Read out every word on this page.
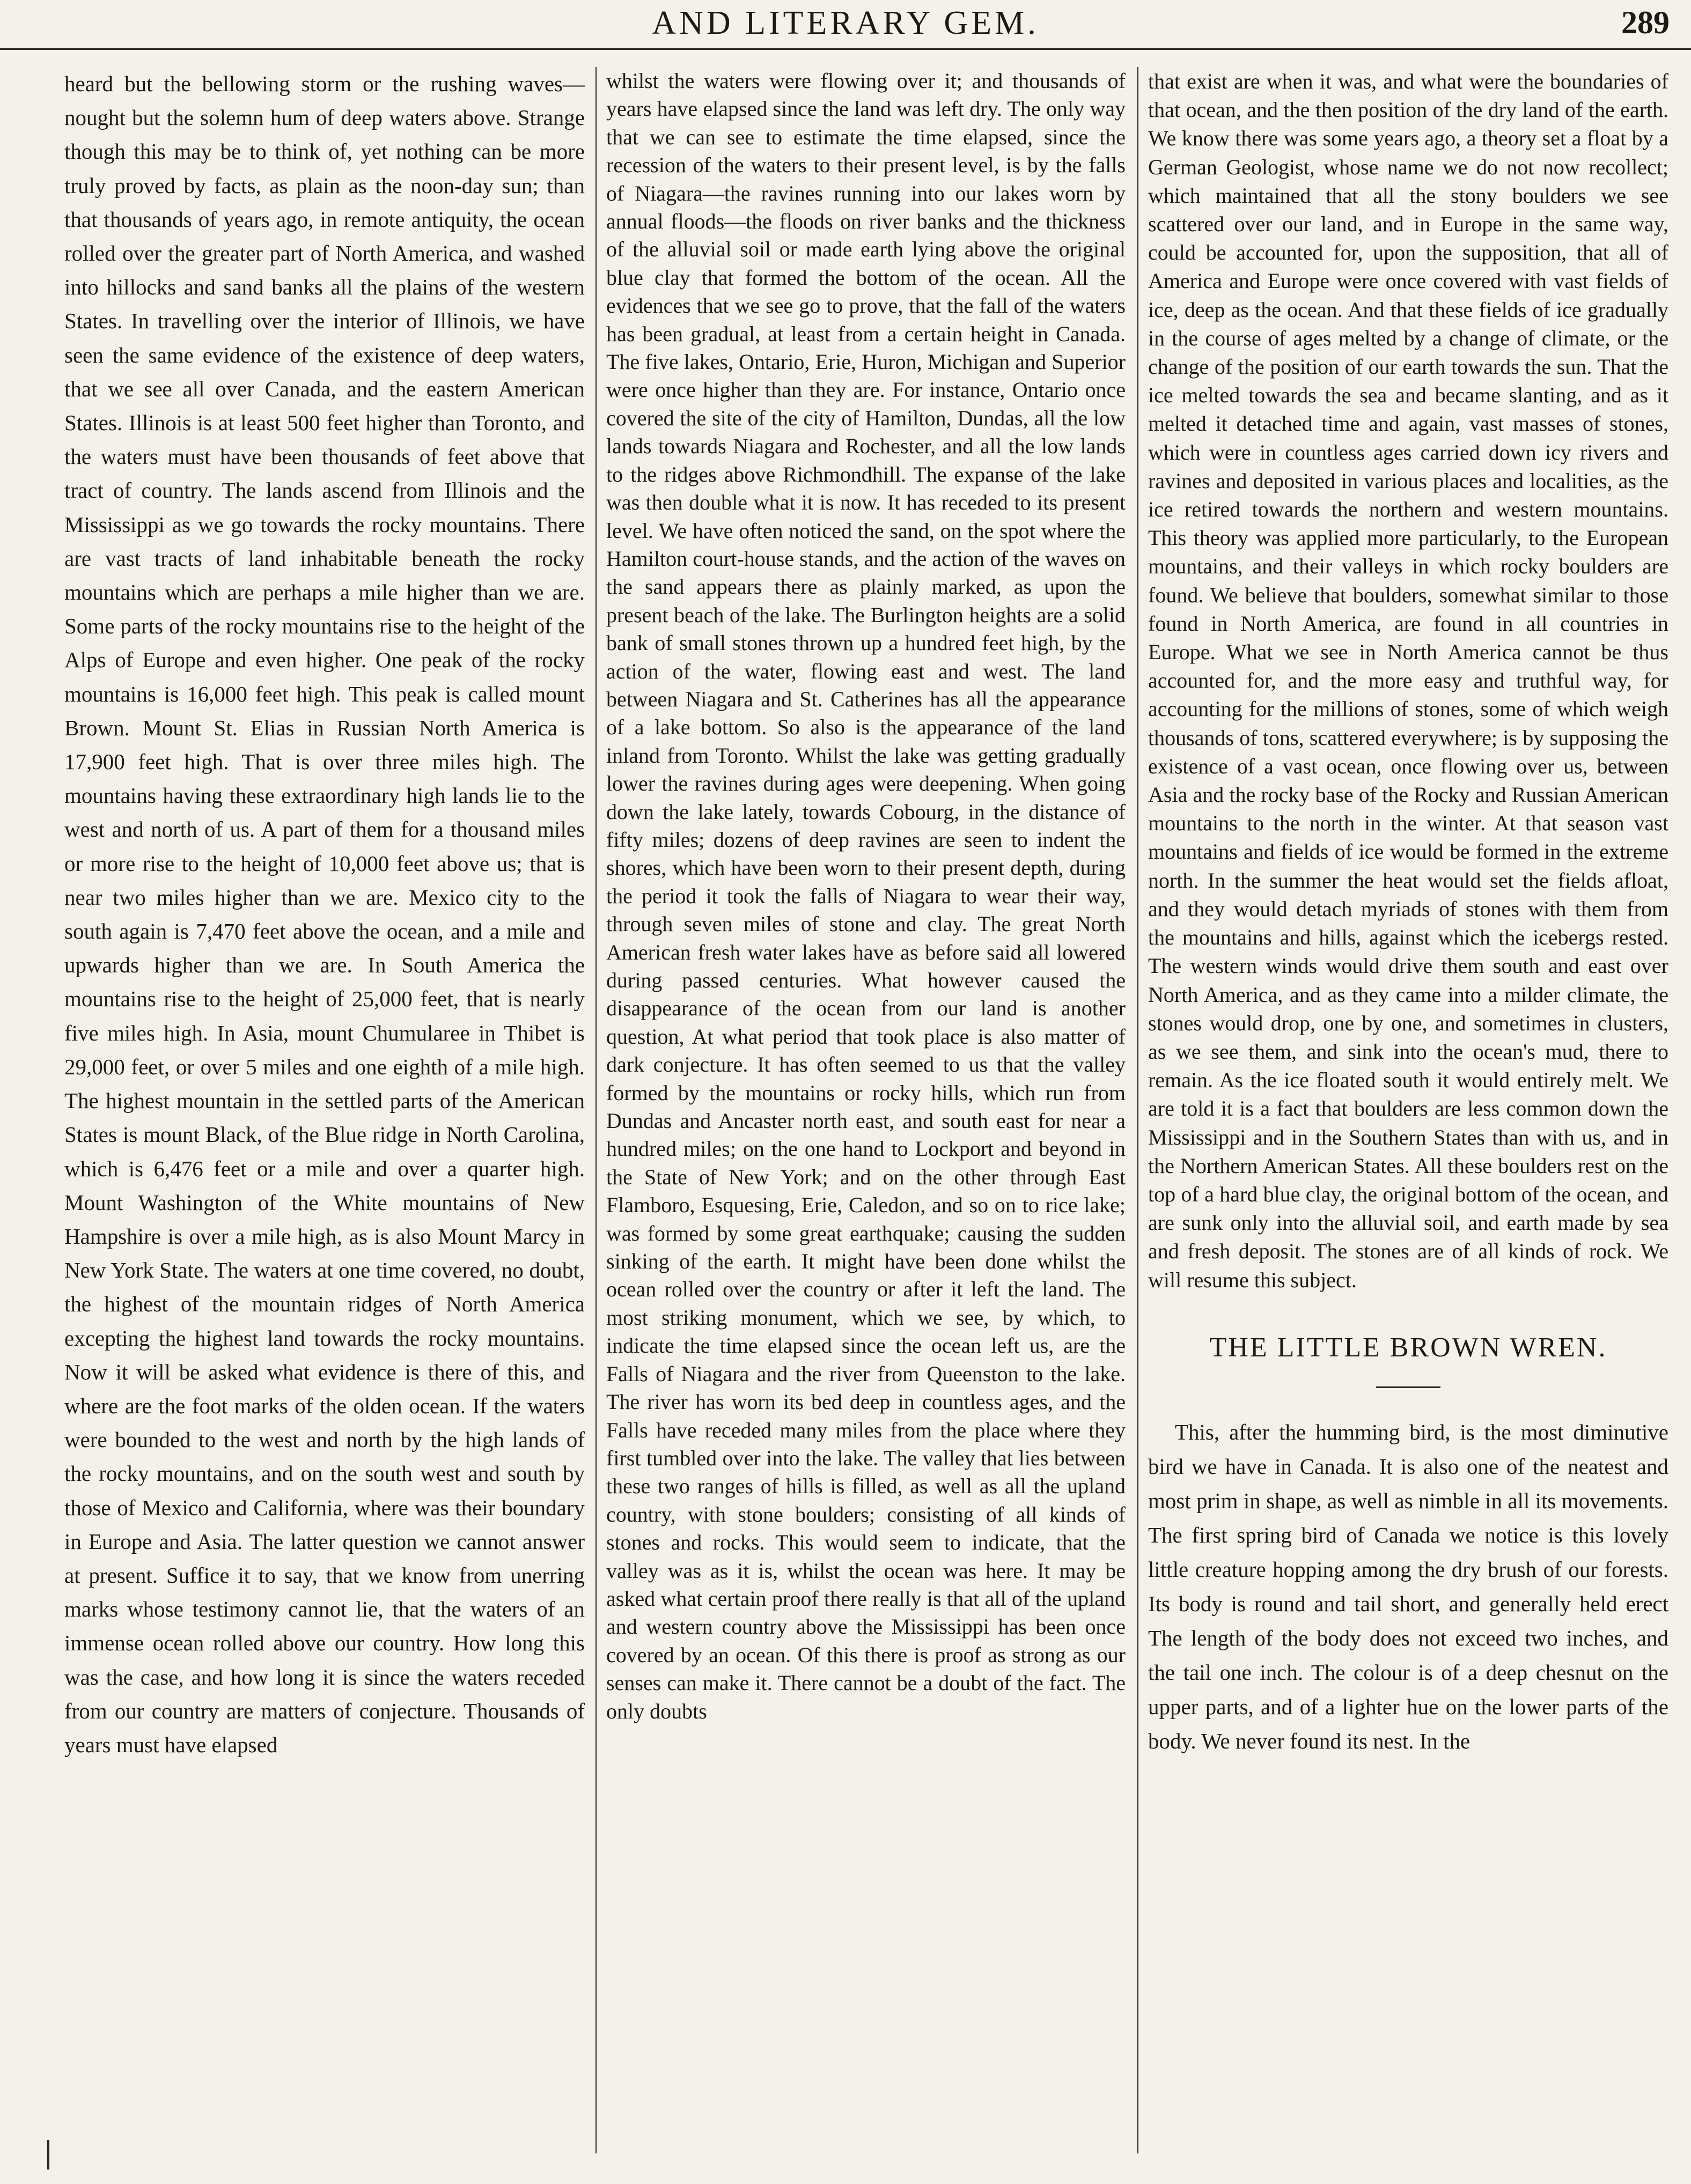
AND LITERARY GEM.	289

heard but the bellowing storm or the rushing waves—nought but the solemn hum of deep waters above. Strange though this may be to think of, yet nothing can be more truly proved by facts, as plain as the noon-day sun; than that thousands of years ago, in remote antiquity, the ocean rolled over the greater part of North America, and washed into hillocks and sand banks all the plains of the western States. In travelling over the interior of Illinois, we have seen the same evidence of the existence of deep waters, that we see all over Canada, and the eastern American States. Illinois is at least 500 feet higher than Toronto, and the waters must have been thousands of feet above that tract of country. The lands ascend from Illinois and the Mississippi as we go towards the rocky mountains. There are vast tracts of land inhabitable beneath the rocky mountains which are perhaps a mile higher than we are. Some parts of the rocky mountains rise to the height of the Alps of Europe and even higher. One peak of the rocky mountains is 16,000 feet high. This peak is called mount Brown. Mount St. Elias in Russian North America is 17,900 feet high. That is over three miles high. The mountains having these extraordinary high lands lie to the west and north of us. A part of them for a thousand miles or more rise to the height of 10,000 feet above us; that is near two miles higher than we are. Mexico city to the south again is 7,470 feet above the ocean, and a mile and upwards higher than we are. In South America the mountains rise to the height of 25,000 feet, that is nearly five miles high. In Asia, mount Chumularee in Thibet is 29,000 feet, or over 5 miles and one eighth of a mile high. The highest mountain in the settled parts of the American States is mount Black, of the Blue ridge in North Carolina, which is 6,476 feet or a mile and over a quarter high. Mount Washington of the White mountains of New Hampshire is over a mile high, as is also Mount Marcy in New York State. The waters at one time covered, no doubt, the highest of the mountain ridges of North America excepting the highest land towards the rocky mountains. Now it will be asked what evidence is there of this, and where are the foot marks of the olden ocean. If the waters were bounded to the west and north by the high lands of the rocky mountains, and on the south west and south by those of Mexico and California, where was their boundary in Europe and Asia. The latter question we cannot answer at present. Suffice it to say, that we know from unerring marks whose testimony cannot lie, that the waters of an immense ocean rolled above our country. How long this was the case, and how long it is since the waters receded from our country are matters of conjecture. Thousands of years must have elapsed

whilst the waters were flowing over it; and thousands of years have elapsed since the land was left dry. The only way that we can see to estimate the time elapsed, since the recession of the waters to their present level, is by the falls of Niagara—the ravines running into our lakes worn by annual floods—the floods on river banks and the thickness of the alluvial soil or made earth lying above the original blue clay that formed the bottom of the ocean. All the evidences that we see go to prove, that the fall of the waters has been gradual, at least from a certain height in Canada. The five lakes, Ontario, Erie, Huron, Michigan and Superior were once higher than they are. For instance, Ontario once covered the site of the city of Hamilton, Dundas, all the low lands towards Niagara and Rochester, and all the low lands to the ridges above Richmondhill. The expanse of the lake was then double what it is now. It has receded to its present level. We have often noticed the sand, on the spot where the Hamilton court-house stands, and the action of the waves on the sand appears there as plainly marked, as upon the present beach of the lake. The Burlington heights are a solid bank of small stones thrown up a hundred feet high, by the action of the water, flowing east and west. The land between Niagara and St. Catherines has all the appearance of a lake bottom. So also is the appearance of the land inland from Toronto. Whilst the lake was getting gradually lower the ravines during ages were deepening. When going down the lake lately, towards Cobourg, in the distance of fifty miles; dozens of deep ravines are seen to indent the shores, which have been worn to their present depth, during the period it took the falls of Niagara to wear their way, through seven miles of stone and clay. The great North American fresh water lakes have as before said all lowered during passed centuries. What however caused the disappearance of the ocean from our land is another question, At what period that took place is also matter of dark conjecture. It has often seemed to us that the valley formed by the mountains or rocky hills, which run from Dundas and Ancaster north east, and south east for near a hundred miles; on the one hand to Lockport and beyond in the State of New York; and on the other through East Flamboro, Esquesing, Erie, Caledon, and so on to rice lake; was formed by some great earthquake; causing the sudden sinking of the earth. It might have been done whilst the ocean rolled over the country or after it left the land. The most striking monument, which we see, by which, to indicate the time elapsed since the ocean left us, are the Falls of Niagara and the river from Queenston to the lake. The river has worn its bed deep in countless ages, and the Falls have receded many miles from the place where they first tumbled over into the lake. The valley that lies between these two ranges of hills is filled, as well as all the upland country, with stone boulders; consisting of all kinds of stones and rocks. This would seem to indicate, that the valley was as it is, whilst the ocean was here. It may be asked what certain proof there really is that all of the upland and western country above the Mississippi has been once covered by an ocean. Of this there is proof as strong as our senses can make it. There cannot be a doubt of the fact. The only doubts

that exist are when it was, and what were the boundaries of that ocean, and the then position of the dry land of the earth. We know there was some years ago, a theory set a float by a German Geologist, whose name we do not now recollect; which maintained that all the stony boulders we see scattered over our land, and in Europe in the same way, could be accounted for, upon the supposition, that all of America and Europe were once covered with vast fields of ice, deep as the ocean. And that these fields of ice gradually in the course of ages melted by a change of climate, or the change of the position of our earth towards the sun. That the ice melted towards the sea and became slanting, and as it melted it detached time and again, vast masses of stones, which were in countless ages carried down icy rivers and ravines and deposited in various places and localities, as the ice retired towards the northern and western mountains. This theory was applied more particularly, to the European mountains, and their valleys in which rocky boulders are found. We believe that boulders, somewhat similar to those found in North America, are found in all countries in Europe. What we see in North America cannot be thus accounted for, and the more easy and truthful way, for accounting for the millions of stones, some of which weigh thousands of tons, scattered everywhere; is by supposing the existence of a vast ocean, once flowing over us, between Asia and the rocky base of the Rocky and Russian American mountains to the north in the winter. At that season vast mountains and fields of ice would be formed in the extreme north. In the summer the heat would set the fields afloat, and they would detach myriads of stones with them from the mountains and hills, against which the icebergs rested. The western winds would drive them south and east over North America, and as they came into a milder climate, the stones would drop, one by one, and sometimes in clusters, as we see them, and sink into the ocean's mud, there to remain. As the ice floated south it would entirely melt. We are told it is a fact that boulders are less common down the Mississippi and in the Southern States than with us, and in the Northern American States. All these boulders rest on the top of a hard blue clay, the original bottom of the ocean, and are sunk only into the alluvial soil, and earth made by sea and fresh deposit. The stones are of all kinds of rock. We will resume this subject.

THE LITTLE BROWN WREN.

This, after the humming bird, is the most diminutive bird we have in Canada. It is also one of the neatest and most prim in shape, as well as nimble in all its movements. The first spring bird of Canada we notice is this lovely little creature hopping among the dry brush of our forests. Its body is round and tail short, and generally held erect The length of the body does not exceed two inches, and the tail one inch. The colour is of a deep chesnut on the upper parts, and of a lighter hue on the lower parts of the body. We never found its nest. In the
